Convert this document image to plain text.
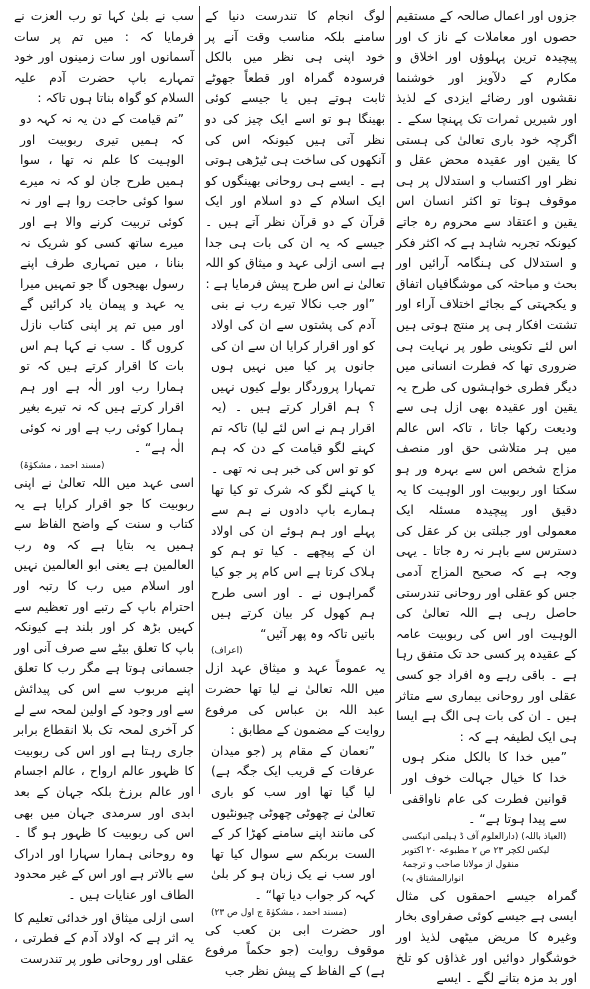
جزوں اور اعمال صالحہ کے مستقیم حصوں اور معاملات کے ناز ک اور پیچیدہ ترین پہلوؤں اور اخلاق و مکارم کے دلآویز اور خوشنما نقشوں اور رضائے ایزدی کے لذیذ اور شیریں ثمرات تک پہنچا سکے ۔ اگرچہ خود باری تعالیٰ کی ہستی کا یقین اور عقیدہ محض عقل و نظر اور اکتساب و استدلال پر ہی موقوف ہوتا تو اکثر انسان اس یقین و اعتقاد سے محروم رہ جاتے کیونکہ تجربہ شاہد ہے کہ اکثر فکر و استدلال کی ہنگامہ آرائیں اور بحث و مباحثہ کی موشگافیاں اتفاق و یکجہتی کے بجائے اختلاف آراء اور تشتت افکار ہی پر منتج ہوتی ہیں اس لئے تکوینی طور پر نہایت ہی ضروری تھا کہ فطرت انسانی میں دیگر فطری خواہشوں کی طرح یہ یقین اور عقیدہ بھی ازل ہی سے ودیعت رکھا جاتا ، تاکہ اس عالم میں ہر متلاشی حق اور منصف مزاج شخص اس سے بہرہ ور ہو سکتا اور ربوبیت اور الوہیت کا یہ دقیق اور پیچیدہ مسئلہ ایک معمولی اور جبلتی بن کر عقل کی دسترس سے باہر نہ رہ جاتا ۔ یہی وجہ ہے کہ صحیح المزاج آدمی جس کو عقلی اور روحانی تندرستی حاصل رہی ہے اللہ تعالیٰ کی الوہیت اور اس کی ربوبیت عامہ کے عقیدہ پر کسی حد تک متفق رہا ہے ۔ باقی رہے وہ افراد جو کسی عقلی اور روحانی بیماری سے متاثر ہیں ۔ ان کی بات ہی الگ ہے ایسا ہی ایک لطیفہ ہے کہ :

”میں خدا کا بالکل منکر ہوں خدا کا خیال جہالت خوف اور قوانین فطرت کی عام ناواقفی سے پیدا ہوتا ہے“ ۔

(العیاذ باللہ) (دارالعلوم آف ڈ ہیلمی انیکسی لیکس لکچر ۲۳ ص ۲ مطبوعہ ۲۰ اکتوبر منقول از مولانا صاحب و ترجمۂ انوارالمشتاق بہ)

گمراہ جیسے احمقوں کی مثال ایسی ہے جیسے کوئی صفراوی بخار وغیرہ کا مریض میٹھی لذیذ اور خوشگوار دوائیں اور غذاؤں کو تلخ اور بد مزہ بتانے لگے ۔ ایسے

لوگ انجام کا تندرست دنیا کے سامنے بلکہ مناسب وقت آنے پر خود اپنی ہی نظر میں بالکل فرسودہ گمراہ اور قطعاً جھوٹے ثابت ہوتے ہیں یا جیسے کوئی بھینگا ہو تو اسے ایک چیز کی دو نظر آتی ہیں کیونکہ اس کی آنکھوں کی ساخت ہی ٹیڑھی ہوتی ہے ۔ ایسے ہی روحانی بھینگوں کو ایک اسلام کے دو اسلام اور ایک قرآن کے دو قرآن نظر آتے ہیں ۔ جیسے کہ یہ ان کی بات ہی جدا ہے اسی ازلی عہد و میثاق کو اللہ تعالیٰ نے اس طرح پیش فرمایا ہے :

”اور جب نکالا تیرے رب نے بنی آدم کی پشتوں سے ان کی اولاد کو اور اقرار کرایا ان سے ان کی جانوں پر کیا میں نہیں ہوں تمہارا پروردگار بولے کیوں نہیں ؟ ہم اقرار کرتے ہیں ۔ (یہ اقرار ہم نے اس لئے لیا) تاکہ تم کہنے لگو قیامت کے دن کہ ہم کو تو اس کی خبر ہی نہ تھی ۔ یا کہنے لگو کہ شرک تو کیا تھا ہمارے باپ دادوں نے ہم سے پہلے اور ہم ہوئے ان کی اولاد ان کے پیچھے ۔ کیا تو ہم کو ہلاک کرتا ہے اس کام پر جو کیا گمراہوں نے ۔ اور اسی طرح ہم کھول کر بیان کرتے ہیں باتیں تاکہ وہ پھر آئیں“

(اعراف)

یہ عموماً عہد و میثاق عہد ازل میں اللہ تعالیٰ نے لیا تھا حضرت عبد اللہ بن عباس کی مرفوع روایت کے مضمون کے مطابق :

”نعمان کے مقام پر (جو میدان عرفات کے قریب ایک جگہ ہے) لیا گیا تھا اور سب کو باری تعالیٰ نے چھوٹی چھوٹی چیونٹیوں کی مانند اپنے سامنے کھڑا کر کے الست بربکم سے سوال کیا تھا اور سب نے یک زبان ہو کر بلیٰ کہہ کر جواب دیا تھا“ ۔

(مسند احمد ، مشکوٰۃ ج اول ص ۲۳)

اور حضرت ابی بن کعب کی موقوف روایت (جو حکماً مرفوع ہے) کے الفاظ کے پیش نظر جب

سب نے بلیٰ کہا تو رب العزت نے فرمایا کہ : میں تم پر سات آسمانوں اور سات زمینوں اور خود تمہارے باپ حضرت آدم علیہ السلام کو گواہ بناتا ہوں تاکہ :

”تم قیامت کے دن یہ نہ کہہ دو کہ ہمیں تیری ربوبیت اور الوہیت کا علم نہ تھا ، سوا ہمیں طرح جان لو کہ نہ میرے سوا کوئی حاجت روا ہے اور نہ کوئی تربیت کرنے والا ہے اور میرے ساتھ کسی کو شریک نہ بنانا ، میں تمہاری طرف اپنے رسول بھیجوں گا جو تمہیں میرا یہ عہد و پیمان یاد کرائیں گے اور میں تم پر اپنی کتاب نازل کروں گا ۔ سب نے کہا ہم اس بات کا اقرار کرتے ہیں کہ تو ہمارا رب اور الٰہ ہے اور ہم اقرار کرتے ہیں کہ نہ تیرے بغیر ہمارا کوئی رب ہے اور نہ کوئی الٰہ ہے“ ۔

(مسند احمد ، مشکوٰۃ)

اسی عہد میں اللہ تعالیٰ نے اپنی ربوبیت کا جو اقرار کرایا ہے یہ کتاب و سنت کے واضح الفاظ سے ہمیں یہ بتایا ہے کہ وہ رب العالمین ہے یعنی ابو العالمین نہیں اور اسلام میں رب کا رتبہ اور احترام باپ کے رتبے اور تعظیم سے کہیں بڑھ کر اور بلند ہے کیونکہ باپ کا تعلق بیٹے سے صرف آنی اور جسمانی ہوتا ہے مگر رب کا تعلق اپنے مربوب سے اس کی پیدائش سے اور وجود کے اولین لمحہ سے لے کر آخری لمحہ تک بلا انقطاع برابر جاری رہتا ہے اور اس کی ربوبیت کا ظہور عالم ارواح ، عالم اجسام اور عالم برزخ بلکہ جہان کے بعد ابدی اور سرمدی جہان میں بھی اس کی ربوبیت کا ظہور ہو گا ۔ وہ روحانی ہمارا سہارا اور ادراک سے بالاتر ہے اور اس کے غیر محدود الطاف اور عنایات ہیں ۔

اسی ازلی میثاق اور خدائی تعلیم کا یہ اثر ہے کہ اولاد آدم کے فطرتی ، عقلی اور روحانی طور پر تندرست
